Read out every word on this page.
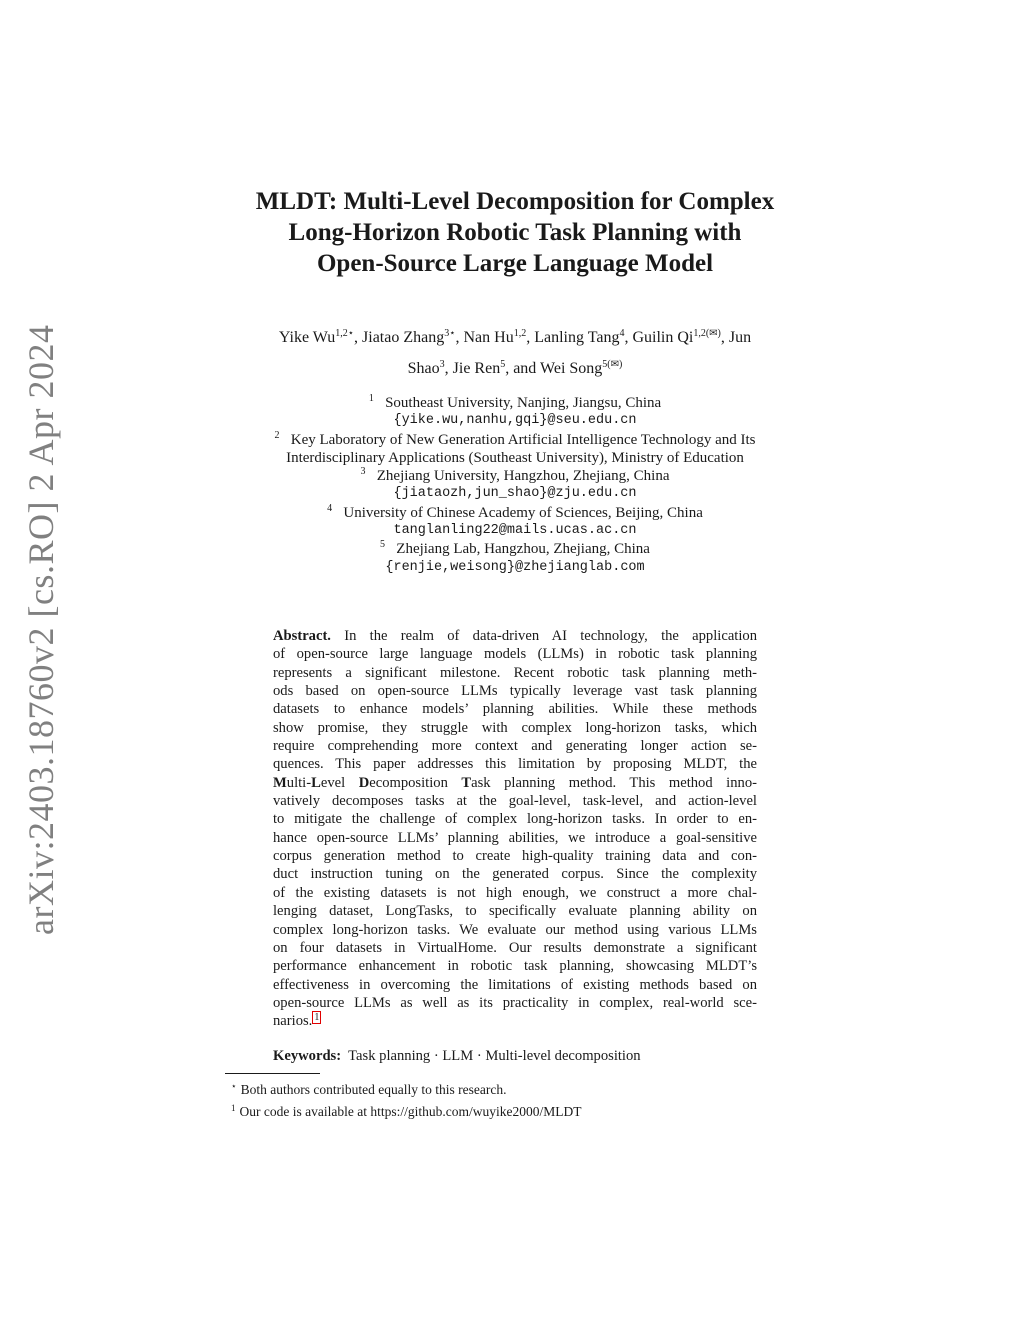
arXiv:2403.18760v2 [cs.RO] 2 Apr 2024
MLDT: Multi-Level Decomposition for Complex
Long-Horizon Robotic Task Planning with
Open-Source Large Language Model
Yike $Wu^{1,2⋆}$, Jiatao Zhang$^{3⋆}$, Nan Hu$^{1,2}$, Lanling Tang$^4$, Guilin $Qi^{1,2(✉)}$, Jun
Shao$^3$, Jie Ren$^5$, and Wei Song$^{5(✉)}$
$^1$ Southeast University, Nanjing, Jiangsu, China
{yike.wu,nanhu,gqi}@seu.edu.cn
$^2$ Key Laboratory of New Generation Artificial Intelligence Technology and Its
Interdisciplinary Applications (Southeast University), Ministry of Education
$^3$ Zhejiang University, Hangzhou, Zhejiang, China
{jiataozh,jun_shao}@zju.edu.cn
$^4$ University of Chinese Academy of Sciences, Beijing, China
tanglanling22@mails.ucas.ac.cn
$^5$ Zhejiang Lab, Hangzhou, Zhejiang, China
{renjie,weisong}@zhejianglab.com
Abstract. In the realm of data-driven AI technology, the application
of open-source large language models (LLMs) in robotic task planning
represents a significant milestone. Recent robotic task planning meth-
ods based on open-source LLMs typically leverage vast task planning
datasets to enhance models’ planning abilities. While these methods
show promise, they struggle with complex long-horizon tasks, which
require comprehending more context and generating longer action se-
quences. This paper addresses this limitation by proposing MLDT, the
Multi-Level Decomposition Task planning method. This method inno-
vatively decomposes tasks at the goal-level, task-level, and action-level
to mitigate the challenge of complex long-horizon tasks. In order to en-
hance open-source LLMs’ planning abilities, we introduce a goal-sensitive
corpus generation method to create high-quality training data and con-
duct instruction tuning on the generated corpus. Since the complexity
of the existing datasets is not high enough, we construct a more chal-
lenging dataset, LongTasks, to specifically evaluate planning ability on
complex long-horizon tasks. We evaluate our method using various LLMs
on four datasets in VirtualHome. Our results demonstrate a significant
performance enhancement in robotic task planning, showcasing MLDT’s
effectiveness in overcoming the limitations of existing methods based on
open-source LLMs as well as its practicality in complex, real-world sce-
narios. $^1$
Keywords: Task planning · LLM · Multi-level decomposition
⋆ Both authors contributed equally to this research.
$^1$ Our code is available at https://github.com/wuyike2000/MLDT
